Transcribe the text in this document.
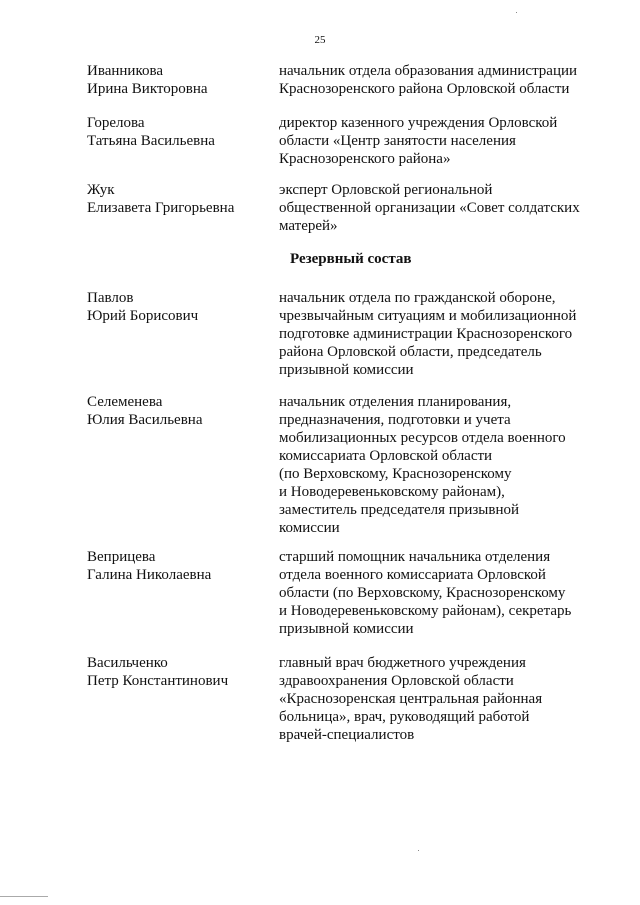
25
Иванникова
Ирина Викторовна
начальник отдела образования администрации
Краснозоренского района Орловской области
Горелова
Татьяна Васильевна
директор казенного учреждения Орловской
области «Центр занятости населения
Краснозоренского района»
Жук
Елизавета Григорьевна
эксперт Орловской региональной
общественной организации «Совет солдатских
матерей»
Резервный состав
Павлов
Юрий Борисович
начальник отдела по гражданской обороне,
чрезвычайным ситуациям и мобилизационной
подготовке администрации Краснозоренского
района Орловской области, председатель
призывной комиссии
Селеменева
Юлия Васильевна
начальник отделения планирования,
предназначения, подготовки и учета
мобилизационных ресурсов отдела военного
комиссариата Орловской области
(по Верховскому, Краснозоренскому
и Новодеревеньковскому районам),
заместитель председателя призывной
комиссии
Веприцева
Галина Николаевна
старший помощник начальника отделения
отдела военного комиссариата Орловской
области (по Верховскому, Краснозоренскому
и Новодеревеньковскому районам), секретарь
призывной комиссии
Васильченко
Петр Константинович
главный врач бюджетного учреждения
здравоохранения Орловской области
«Краснозоренская центральная районная
больница», врач, руководящий работой
врачей-специалистов
